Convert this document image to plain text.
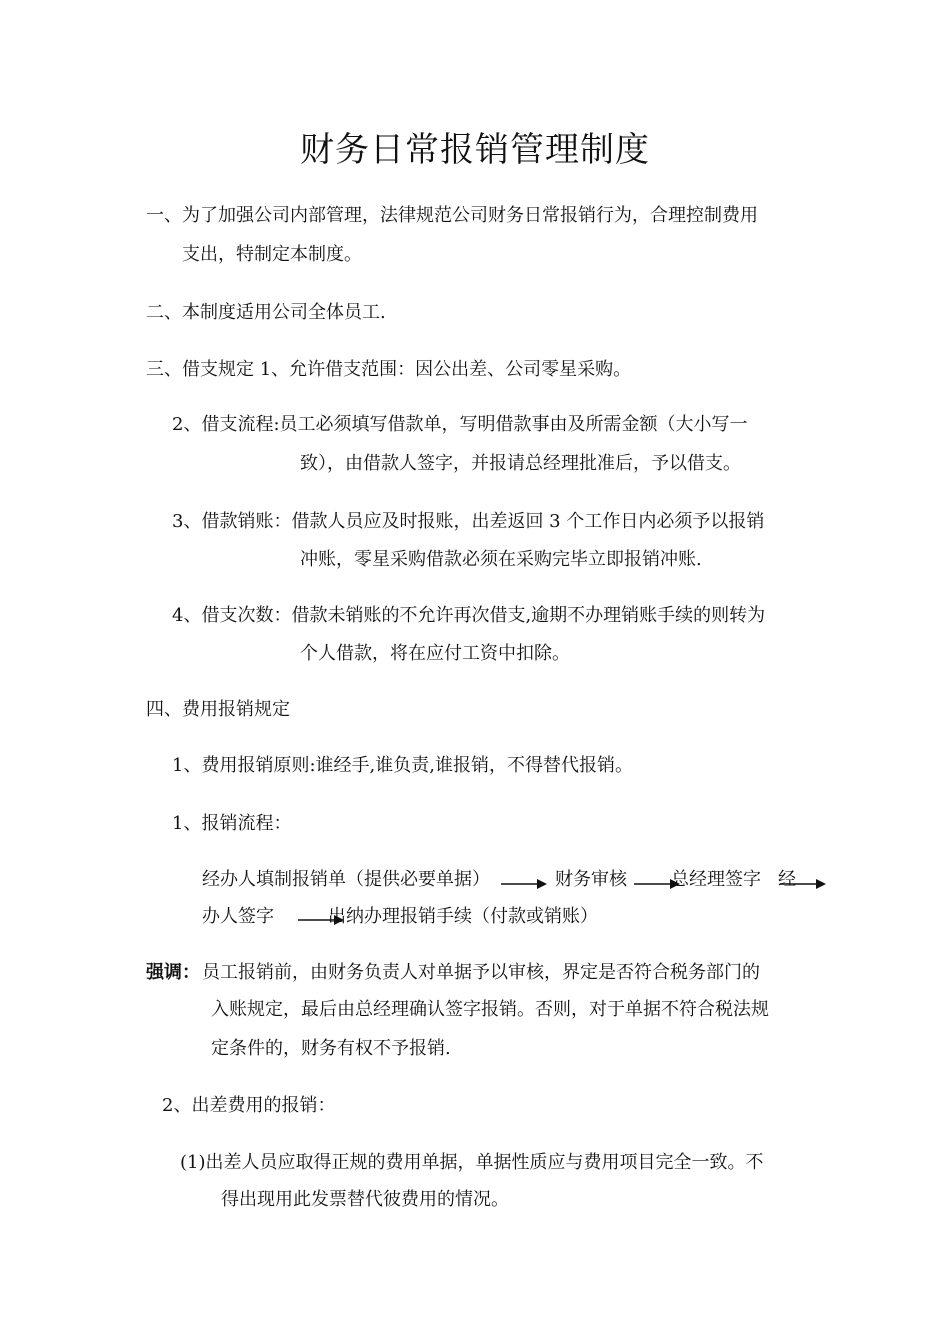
财务日常报销管理制度
一、为了加强公司内部管理，法律规范公司财务日常报销行为，合理控制费用
支出，特制定本制度。
二、本制度适用公司全体员工.
三、借支规定 1、允许借支范围：因公出差、公司零星采购。
2、借支流程:员工必须填写借款单，写明借款事由及所需金额（大小写一
致），由借款人签字，并报请总经理批准后，予以借支。
3、借款销账：借款人员应及时报账，出差返回 3 个工作日内必须予以报销
冲账，零星采购借款必须在采购完毕立即报销冲账.
4、借支次数：借款未销账的不允许再次借支,逾期不办理销账手续的则转为
个人借款，将在应付工资中扣除。
四、费用报销规定
1、费用报销原则:谁经手,谁负责,谁报销，不得替代报销。
1、报销流程：
经办人填制报销单（提供必要单据）	财务审核 总经理签字 经
办人签字	出纳办理报销手续（付款或销账）
强调： 员工报销前，由财务负责人对单据予以审核，界定是否符合税务部门的
入账规定，最后由总经理确认签字报销。否则，对于单据不符合税法规
定条件的，财务有权不予报销.
2、出差费用的报销：
(1)出差人员应取得正规的费用单据，单据性质应与费用项目完全一致。不
得出现用此发票替代彼费用的情况。
